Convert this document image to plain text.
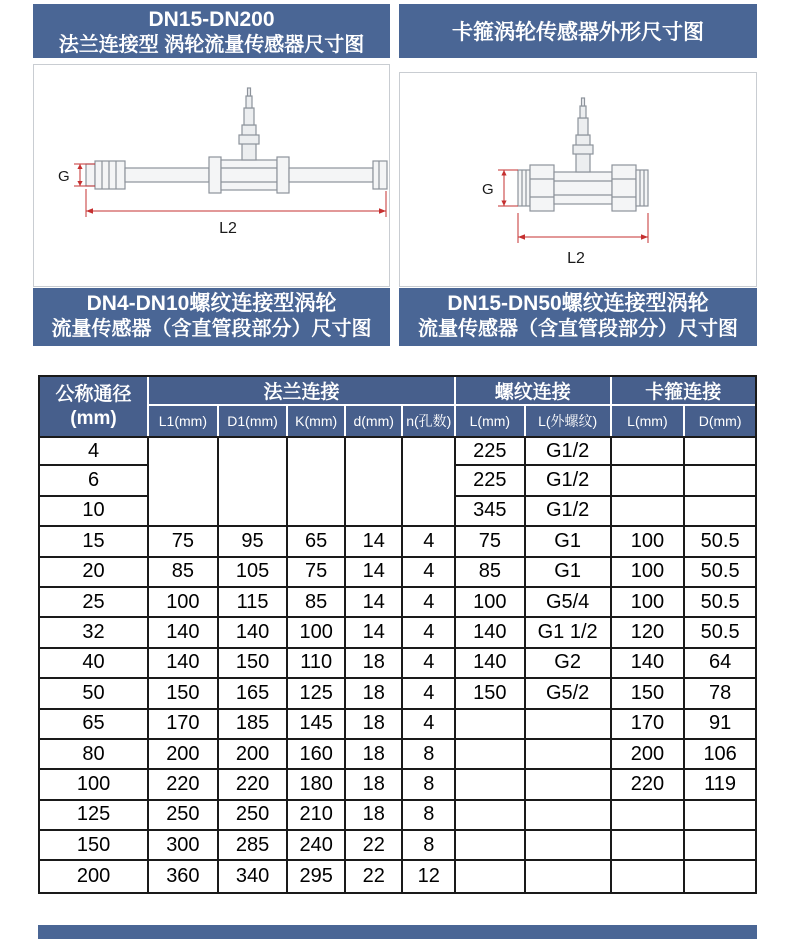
DN15-DN200
法兰连接型 涡轮流量传感器尺寸图
卡箍涡轮传感器外形尺寸图
G
L2
G
L2
DN4-DN10螺纹连接型涡轮
流量传感器（含直管段部分）尺寸图
DN15-DN50螺纹连接型涡轮
流量传感器（含直管段部分）尺寸图
公称通径
(mm)	法兰连接					螺纹连接		卡箍连接	
	L1(mm)	D1(mm)	K(mm)	d(mm)	n(孔数)	L(mm)	L(外螺纹)	L(mm)	D(mm)
4						225	G1/2		
6						225	G1/2		
10						345	G1/2		
15	75	95	65	14	4	75	G1	100	50.5
20	85	105	75	14	4	85	G1	100	50.5
25	100	115	85	14	4	100	G5/4	100	50.5
32	140	140	100	14	4	140	G1 1/2	120	50.5
40	140	150	110	18	4	140	G2	140	64
50	150	165	125	18	4	150	G5/2	150	78
65	170	185	145	18	4			170	91
80	200	200	160	18	8			200	106
100	220	220	180	18	8			220	119
125	250	250	210	18	8				
150	300	285	240	22	8				
200	360	340	295	22	12				
